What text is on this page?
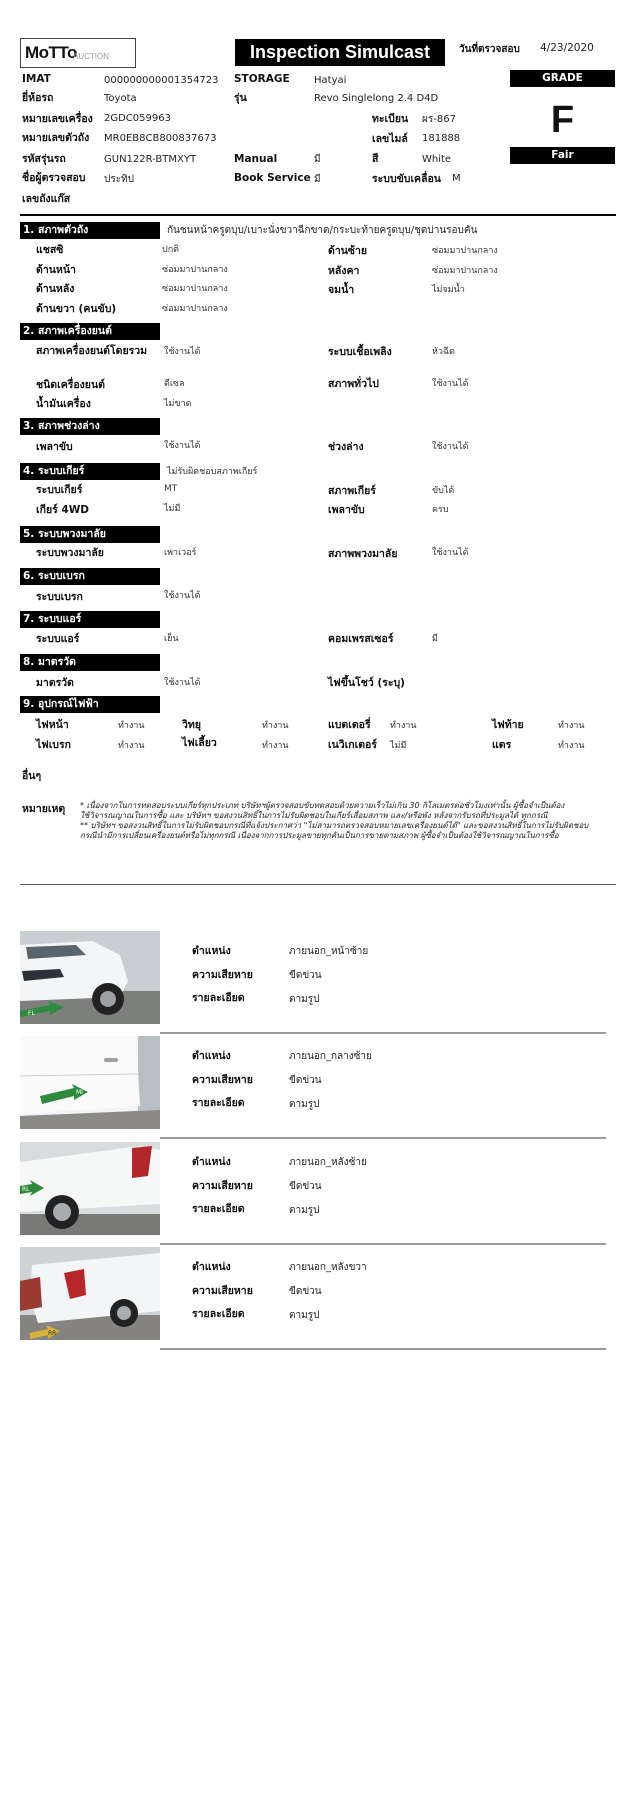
MoTTo
AUCTION	Inspection Simulcast	วันที่ตรวจสอบ 4/23/2020
GRADE
F
Fair
IMAT	000000000001354723 STORAGE Hatyai
ยี่ห้อรถ	Toyota	รุ่น	Revo Singlelong 2.4 D4D
หมายเลขเครื่อง 2GDC059963	ทะเบียน ผร-867
หมายเลขตัวถัง MR0EB8CB800837673	เลขไมล์ 181888
รหัสรุ่นรถ	GUN122R-BTMXYT	Manual	มี	สี	White
ชื่อผู้ตรวจสอบ ประทิป	Book Service มี	ระบบขับเคลื่อน M
เลขถังแก๊ส
1. สภาพตัวถัง	กันชนหน้าครูดบุบ/เบาะนั่งขวาฉีกขาด/กระบะท้ายครูดบุบ/ชุดบ่านรอบคัน
แชสซิ	ปกติ	ด้านซ้าย	ซ่อมมาปานกลาง
ด้านหน้า	ซ่อมมาปานกลาง	หลังคา	ซ่อมมาปานกลาง
ด้านหลัง	ซ่อมมาปานกลาง	จมน้ำ	ไม่จมน้ำ
ด้านขวา (คนขับ)	ซ่อมมาปานกลาง
2. สภาพเครื่องยนต์
สภาพเครื่องยนต์โดยรวม	ใช้งานได้	ระบบเชื้อเพลิง	หัวฉีด
ชนิดเครื่องยนต์	ดีเซล	สภาพทั่วไป	ใช้งานได้
น้ำมันเครื่อง	ไม่ขาด
3. สภาพช่วงล่าง
เพลาขับ	ใช้งานได้	ช่วงล่าง	ใช้งานได้
4. ระบบเกียร์	ไม่รับผิดชอบสภาพเกียร์
ระบบเกียร์	MT	สภาพเกียร์	ขับได้
เกียร์ 4WD	ไม่มี	เพลาขับ	ครบ
5. ระบบพวงมาลัย
ระบบพวงมาลัย	เพาเวอร์	สภาพพวงมาลัย	ใช้งานได้
6. ระบบเบรก
ระบบเบรก	ใช้งานได้
7. ระบบแอร์
ระบบแอร์	เย็น	คอมเพรสเซอร์	มี
8. มาตรวัด
มาตรวัด	ใช้งานได้	ไฟขึ้นโชว์ (ระบุ)
9. อุปกรณ์ไฟฟ้า
ไฟหน้า	ทำงาน	วิทยุ	ทำงาน	แบตเตอรี่ ทำงาน	ไฟท้าย	ทำงาน
ไฟเบรก	ทำงาน	ไฟเลี้ยว	ทำงาน	เนวิเกเตอร์ ไม่มี	แตร	ทำงาน
อื่นๆ
หมายเหตุ * เนื่องจากในการทดสอบระบบเกียร์ทุกประเภท บริษัทฯผู้ตรวจสอบขับทดสอบด้วยความเร็วไม่เกิน 30 กิโลเมตรต่อชั่วโมงเท่านั้น ผู้ซื้อจำเป็นต้อง
ใช้วิจารณญาณในการซื้อ และ บริษัทฯ ขอสงวนสิทธิ์ในการไม่รับผิดชอบในเกียร์เสื่อมสภาพ และ/หรือพัง หลังจากรับรถที่ประมูลได้ ทุกกรณี
** บริษัทฯ ขอสงวนสิทธิ์ในการไม่รับผิดชอบกรณีที่แจ้งประกาศว่า "ไม่สามารถตรวจสอบหมายเลขเครื่องยนต์ได้" และขอสงวนสิทธิ์ในการไม่รับผิดชอบ
กรณีนำมีการเปลี่ยนเครื่องยนต์หรือไม่ทุกกรณี เนื่องจากการประมูลขายทุกคันเป็นการขายตามสภาพ ผู้ซื้อจำเป็นต้องใช้วิจารณญาณในการซื้อ
FL
ตำแหน่ง	ภายนอก_หน้าซ้าย
ความเสียหาย	ขีดข่วน
รายละเอียด	ตามรูป
MI
ตำแหน่ง	ภายนอก_กลางซ้าย
ความเสียหาย	ขีดข่วน
รายละเอียด	ตามรูป
RL
ตำแหน่ง	ภายนอก_หลังซ้าย
ความเสียหาย	ขีดข่วน
รายละเอียด	ตามรูป
RR
ตำแหน่ง	ภายนอก_หลังขวา
ความเสียหาย	ขีดข่วน
รายละเอียด	ตามรูป
